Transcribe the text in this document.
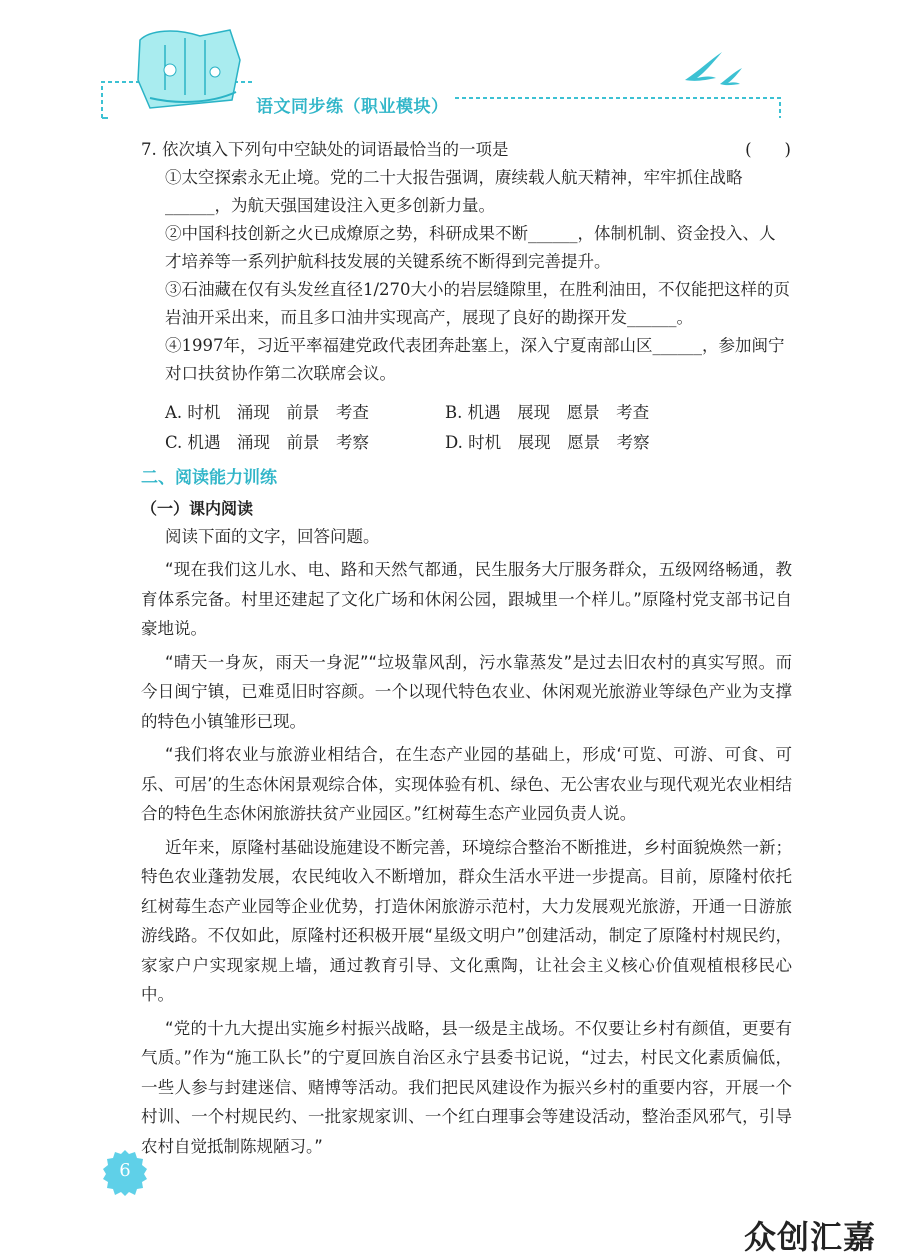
语文同步练（职业模块）
7. 依次填入下列句中空缺处的词语最恰当的一项是	(　　)
①太空探索永无止境。党的二十大报告强调，赓续载人航天精神，牢牢抓住战略______，为航天强国建设注入更多创新力量。
②中国科技创新之火已成燎原之势，科研成果不断______，体制机制、资金投入、人才培养等一系列护航科技发展的关键系统不断得到完善提升。
③石油藏在仅有头发丝直径1/270大小的岩层缝隙里，在胜利油田，不仅能把这样的页岩油开采出来，而且多口油井实现高产，展现了良好的勘探开发______。
④1997年，习近平率福建党政代表团奔赴塞上，深入宁夏南部山区______，参加闽宁对口扶贫协作第二次联席会议。
A. 时机　涌现　前景　考查	B. 机遇　展现　愿景　考查
C. 机遇　涌现　前景　考察	D. 时机　展现　愿景　考察
二、阅读能力训练
（一）课内阅读
阅读下面的文字，回答问题。

“现在我们这儿水、电、路和天然气都通，民生服务大厅服务群众，五级网络畅通，教育体系完备。村里还建起了文化广场和休闲公园，跟城里一个样儿。”原隆村党支部书记自豪地说。

“晴天一身灰，雨天一身泥”“垃圾靠风刮，污水靠蒸发”是过去旧农村的真实写照。而今日闽宁镇，已难觅旧时容颜。一个以现代特色农业、休闲观光旅游业等绿色产业为支撑的特色小镇雏形已现。

“我们将农业与旅游业相结合，在生态产业园的基础上，形成‘可览、可游、可食、可乐、可居’的生态休闲景观综合体，实现体验有机、绿色、无公害农业与现代观光农业相结合的特色生态休闲旅游扶贫产业园区。”红树莓生态产业园负责人说。

近年来，原隆村基础设施建设不断完善，环境综合整治不断推进，乡村面貌焕然一新；特色农业蓬勃发展，农民纯收入不断增加，群众生活水平进一步提高。目前，原隆村依托红树莓生态产业园等企业优势，打造休闲旅游示范村，大力发展观光旅游，开通一日游旅游线路。不仅如此，原隆村还积极开展“星级文明户”创建活动，制定了原隆村村规民约，家家户户实现家规上墙，通过教育引导、文化熏陶，让社会主义核心价值观植根移民心中。

“党的十九大提出实施乡村振兴战略，县一级是主战场。不仅要让乡村有颜值，更要有气质。”作为“施工队长”的宁夏回族自治区永宁县委书记说，“过去，村民文化素质偏低，一些人参与封建迷信、赌博等活动。我们把民风建设作为振兴乡村的重要内容，开展一个村训、一个村规民约、一批家规家训、一个红白理事会等建设活动，整治歪风邪气，引导农村自觉抵制陈规陋习。”

6
众创汇嘉
